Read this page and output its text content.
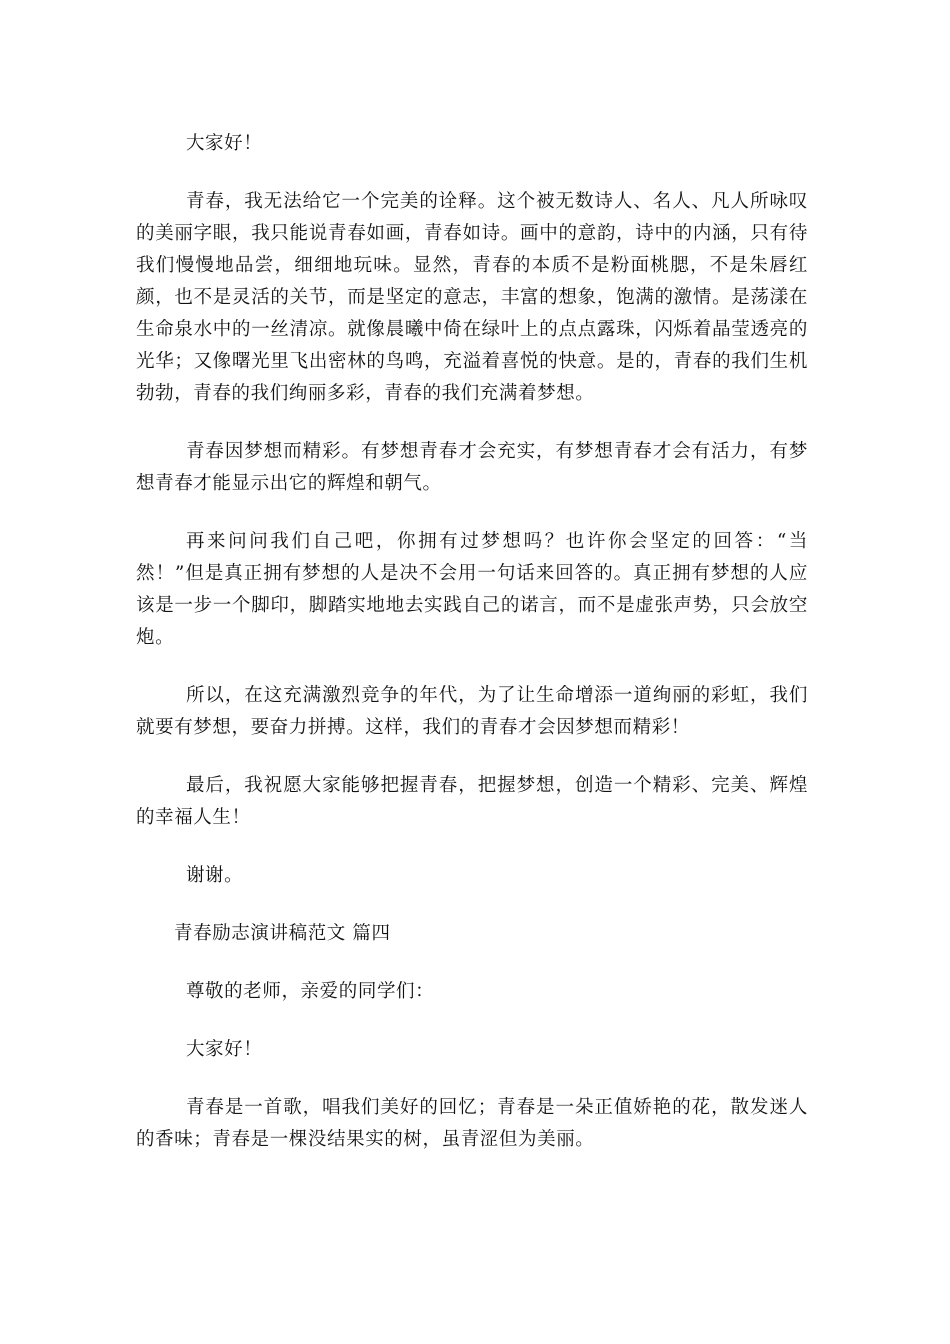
大家好！

青春，我无法给它一个完美的诠释。这个被无数诗人、名人、凡人所咏叹的美丽字眼，我只能说青春如画，青春如诗。画中的意韵，诗中的内涵，只有待我们慢慢地品尝，细细地玩味。显然，青春的本质不是粉面桃腮，不是朱唇红颜，也不是灵活的关节，而是坚定的意志，丰富的想象，饱满的激情。是荡漾在生命泉水中的一丝清凉。就像晨曦中倚在绿叶上的点点露珠，闪烁着晶莹透亮的光华；又像曙光里飞出密林的鸟鸣，充溢着喜悦的快意。是的，青春的我们生机勃勃，青春的我们绚丽多彩，青春的我们充满着梦想。

青春因梦想而精彩。有梦想青春才会充实，有梦想青春才会有活力，有梦想青春才能显示出它的辉煌和朝气。

再来问问我们自己吧，你拥有过梦想吗？也许你会坚定的回答：“当然！”但是真正拥有梦想的人是决不会用一句话来回答的。真正拥有梦想的人应该是一步一个脚印，脚踏实地地去实践自己的诺言，而不是虚张声势，只会放空炮。

所以，在这充满激烈竞争的年代，为了让生命增添一道绚丽的彩虹，我们就要有梦想，要奋力拼搏。这样，我们的青春才会因梦想而精彩！

最后，我祝愿大家能够把握青春，把握梦想，创造一个精彩、完美、辉煌的幸福人生！

谢谢。

青春励志演讲稿范文 篇四

尊敬的老师，亲爱的同学们：

大家好！

青春是一首歌，唱我们美好的回忆；青春是一朵正值娇艳的花，散发迷人的香味；青春是一棵没结果实的树，虽青涩但为美丽。
